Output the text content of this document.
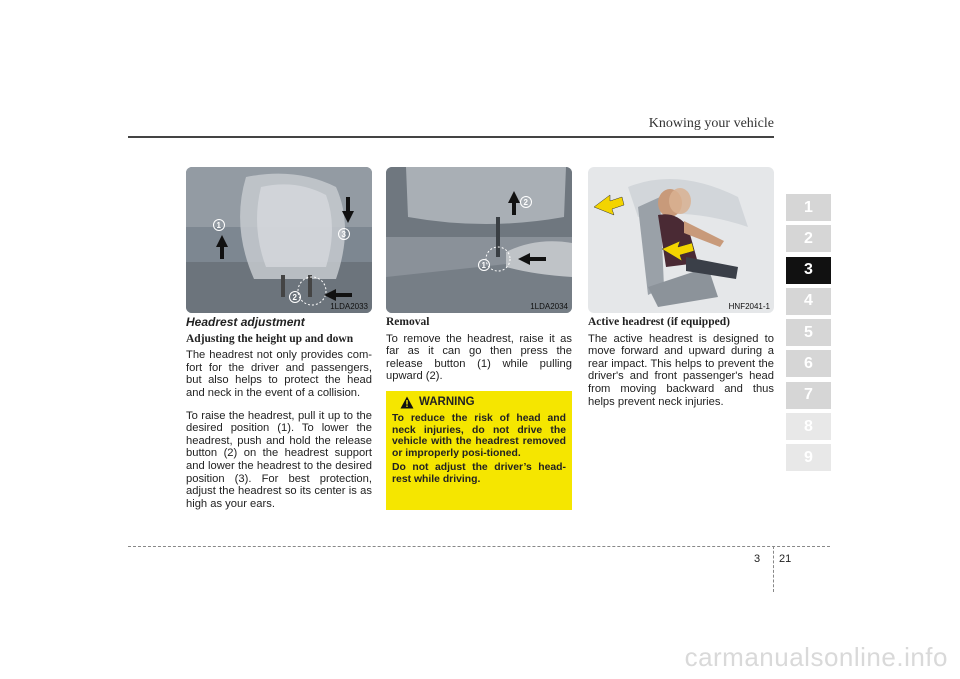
Knowing your vehicle
1
2
3
1LDA2033
2
1
1LDA2034	HNF2041-1
Headrest adjustment
Adjusting the height up and down

The headrest not only provides com-fort for the driver and passengers, but also helps to protect the head and neck in the event of a collision.

To raise the headrest, pull it up to the desired position (1). To lower the headrest, push and hold the release button (2) on the headrest support and lower the headrest to the desired position (3). For best protection, adjust the headrest so its center is as high as your ears.

Removal

To remove the headrest, raise it as far as it can go then press the release button (1) while pulling upward (2).

WARNING

To reduce the risk of head and neck injuries, do not drive the vehicle with the headrest removed or improperly posi-tioned.

Do not adjust the driver’s head-rest while driving.

Active headrest (if equipped)

The active headrest is designed to move forward and upward during a rear impact. This helps to prevent the driver's and front passenger's head from moving backward and thus helps prevent neck injuries.

1
2
3
4
5
6
7
8
9
3 21
carmanualsonline.info
